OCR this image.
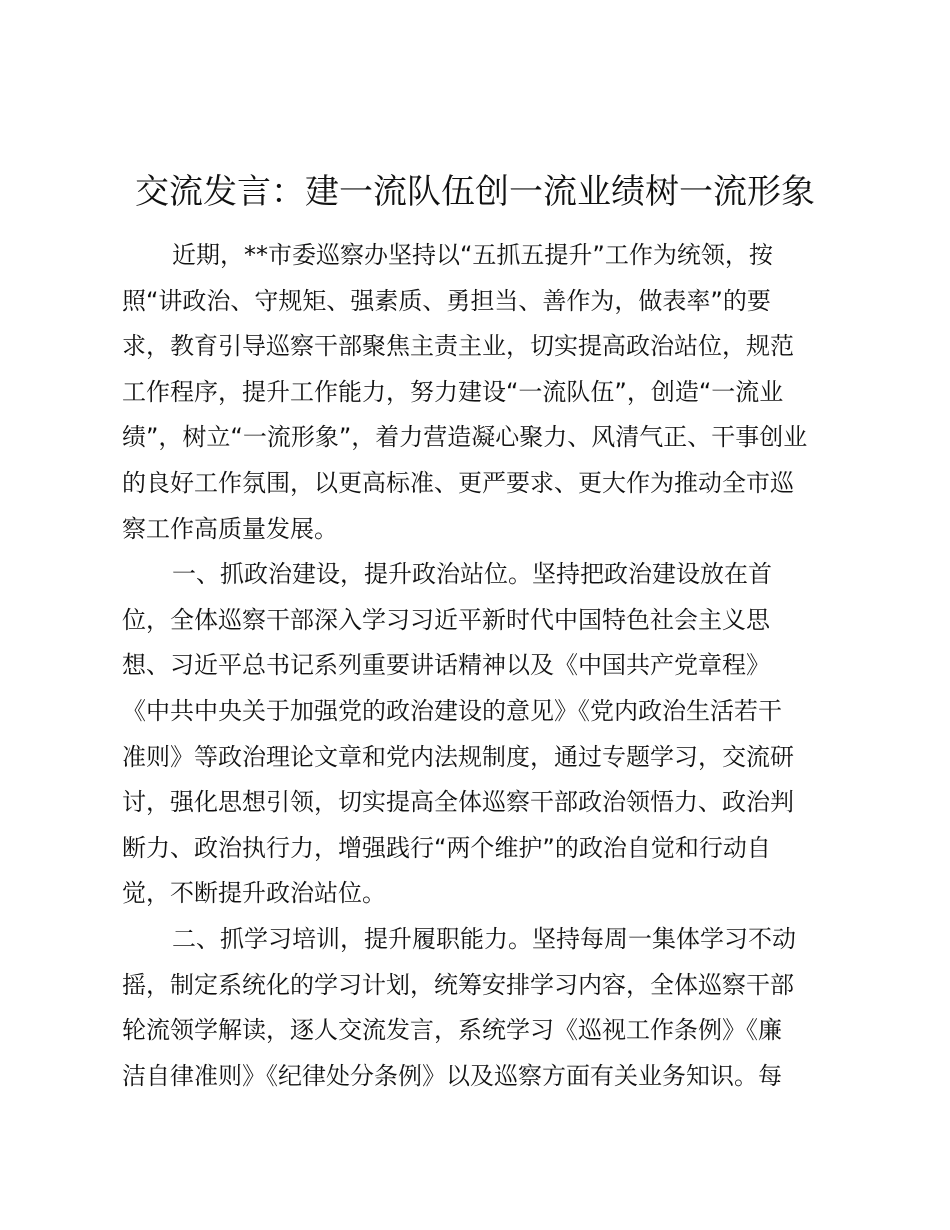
交流发言：建一流队伍创一流业绩树一流形象
近期，**市委巡察办坚持以“五抓五提升”工作为统领，按
照“讲政治、守规矩、强素质、勇担当、善作为，做表率”的要
求，教育引导巡察干部聚焦主责主业，切实提高政治站位，规范
工作程序，提升工作能力，努力建设“一流队伍”，创造“一流业
绩”，树立“一流形象”，着力营造凝心聚力、风清气正、干事创业
的良好工作氛围，以更高标准、更严要求、更大作为推动全市巡
察工作高质量发展。
一、抓政治建设，提升政治站位。坚持把政治建设放在首
位，全体巡察干部深入学习习近平新时代中国特色社会主义思
想、习近平总书记系列重要讲话精神以及《中国共产党章程》
《中共中央关于加强党的政治建设的意见》《党内政治生活若干
准则》等政治理论文章和党内法规制度，通过专题学习，交流研
讨，强化思想引领，切实提高全体巡察干部政治领悟力、政治判
断力、政治执行力，增强践行“两个维护”的政治自觉和行动自
觉，不断提升政治站位。
二、抓学习培训，提升履职能力。坚持每周一集体学习不动
摇，制定系统化的学习计划，统筹安排学习内容，全体巡察干部
轮流领学解读，逐人交流发言，系统学习《巡视工作条例》《廉
洁自律准则》《纪律处分条例》以及巡察方面有关业务知识。每
